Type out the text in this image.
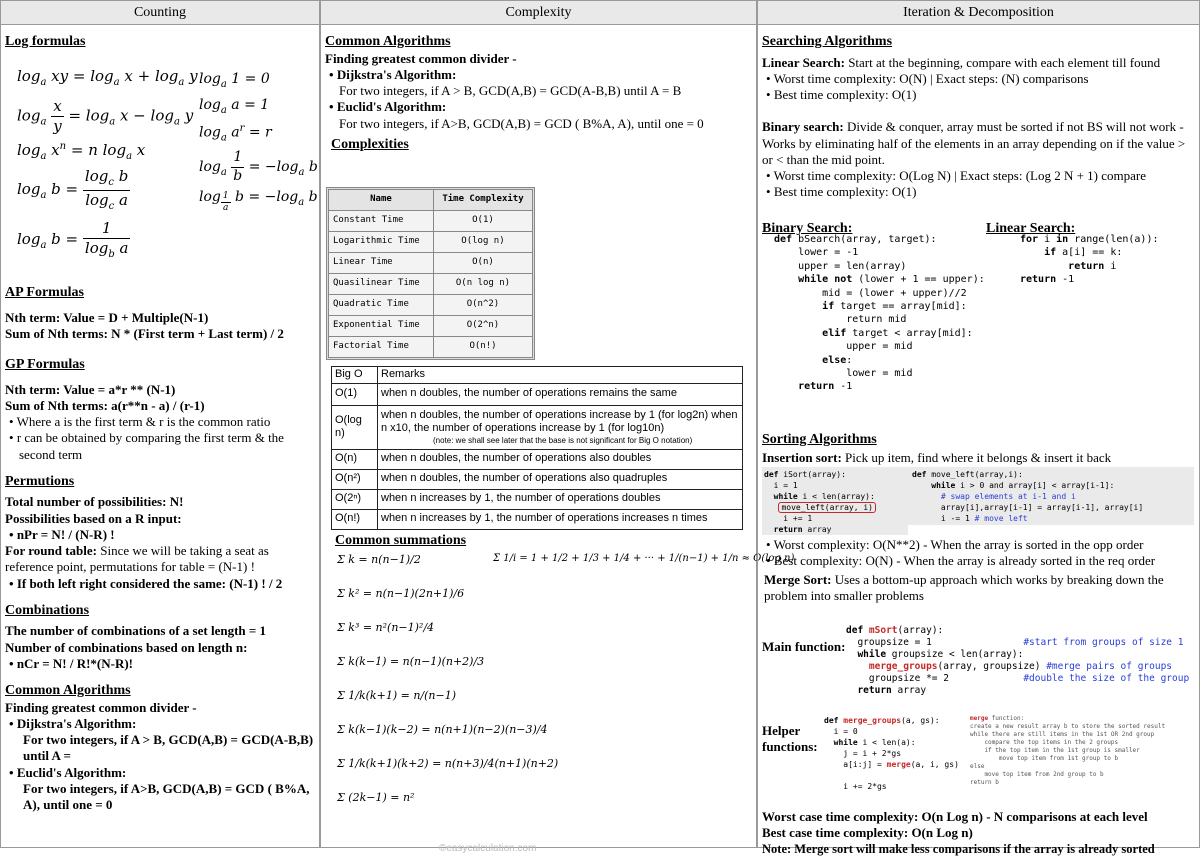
Counting
Log formulas
$\log_a$ xy = $\log_a x + \log_a y$
$\log_a \frac{x}{y} = \log_a x - \log_a y$
$\log_a x^n = n$ $\log_a x$
$\log_a b = \frac{\log_c b}{\log_c a}$
$\log_a b = \frac{1}{\log_b a}$
$\log_a 1 = 0$
$\log_a a = 1$
$\log_a a^r = r$
$\log_a \frac{1}{b} = -\log_a$ b
log $_{\frac{1}{a}}$ $b = -\log_a$ b
AP Formulas
Nth term: Value = D + Multiple(N-1)
Sum of Nth terms: N * (First term + Last term) / 2
GP Formulas
Nth term: Value = a*r ** (N-1)
Sum of Nth terms: a(r**n - a) / (r-1)
• Where a is the first term & r is the common ratio
• r can be obtained by comparing the first term & the second term
Permutions
Total number of possibilities: N!
Possibilities based on a R input:
• nPr = N! / (N-R) !
For round table: Since we will be taking a seat as reference point, permutations for table = (N-1) !
• If both left right considered the same: (N-1) ! / 2
Combinations
The number of combinations of a set length = 1
Number of combinations based on length n:
• nCr = N! / R!*(N-R)!
Common Algorithms
Finding greatest common divider -
• Dijkstra's Algorithm:
For two integers, if A > B, GCD(A,B) = GCD(A-B,B) until A =
• Euclid's Algorithm:
For two integers, if A>B, GCD(A,B) = GCD ( B%A, A), until one = 0
Complexity
Common Algorithms
Finding greatest common divider -
• Dijkstra's Algorithm:
For two integers, if A > B, GCD(A,B) = GCD(A-B,B) until A = B
• Euclid's Algorithm:
For two integers, if A>B, GCD(A,B) = GCD ( B%A, A), until one = 0
Complexities
Name	Time Complexity
Constant Time	O(1)
Logarithmic Time	O(log n)
Linear Time	O(n)
Quasilinear Time	O(n log n)
Quadratic Time	O(n^2)
Exponential Time	O(2^n)
Factorial Time	O(n!)
Big O	Remarks
O(1)	when n doubles, the number of operations remains the same
O(log n)	when n doubles, the number of operations increase by 1 (for log2n) when n x10, the number of operations increase by 1 (for log10n)
(note: we shall see later that the base is not significant for Big O notation)

O(n)	when n doubles, the number of operations also doubles
O(n²)	when n doubles, the number of operations also quadruples
O(2ⁿ)	when n increases by 1, the number of operations doubles
O(n!)	when n increases by 1, the number of operations increases n times
Common summations
Σ k = n(n−1)/2
Σ k² = n(n−1)(2n+1)/6
Σ k³ = n²(n−1)²/4
Σ k(k−1) = n(n−1)(n+2)/3
Σ 1/k(k+1) = n/(n−1)
Σ k(k−1)(k−2) = n(n+1)(n−2)(n−3)/4
Σ 1/k(k+1)(k+2) = n(n+3)/4(n+1)(n+2)
Σ (2k−1) = n²
Σ 1/i = 1 + 1/2 + 1/3 + 1/4 + ··· + 1/(n−1) + 1/n ≈ O(log n)
©easycalculation.com
Iteration & Decomposition
Searching Algorithms
Linear Search: Start at the beginning, compare with each element till found
• Worst time complexity: O(N) | Exact steps: (N) comparisons
• Best time complexity: O(1)
Binary search: Divide & conquer, array must be sorted if not BS will not work - Works by eliminating half of the elements in an array depending on if the value > or < than the mid point.
• Worst time complexity: O(Log N) | Exact steps: (Log 2 N + 1) compare
• Best time complexity: O(1)
Binary Search:	Linear Search:
def bSearch(array, target):
lower = -1
upper = len(array)
while not (lower + 1 == upper):
mid = (lower + upper)//2
if target == array[mid]:
return mid
elif target < array[mid]:
upper = mid
else:
lower = mid
return -1
for i in range(len(a)):
if a[i] == k:
return i
return -1
Sorting Algorithms
Insertion sort: Pick up item, find where it belongs & insert it back
def iSort(array):
i = 1
while i < len(array):
move_left(array, i)
i += 1
return array
def move_left(array,i):
while i > 0 and array[i] < array[i-1]:
# swap elements at i-1 and i
array[i],array[i-1] = array[i-1], array[i]
i -= 1 # move left
• Worst complexity: O(N**2) - When the array is sorted in the opp order
• Best complexity: O(N) - When the array is already sorted in the req order
Merge Sort: Uses a bottom-up approach which works by breaking down the problem into smaller problems
Main function:
def mSort(array):
groupsize = 1	#start from groups of size 1
while groupsize < len(array):
merge_groups(array, groupsize) #merge pairs of groups
groupsize *= 2	#double the size of the group
return array
Helper functions:
def merge_groups(a, gs):
i = 0
while i < len(a):
j = i + 2*gs
a[i:j] = merge(a, i, gs)

i += 2*gs
merge function:
create a new result array b to store the sorted result
while there are still items in the 1st OR 2nd group
compare the top items in the 2 groups
if the top item in the 1st group is smaller
move top item from 1st group to b
else
move top item from 2nd group to b
return b
Worst case time complexity: O(n Log n) - N comparisons at each level
Best case time complexity: O(n Log n)
Note: Merge sort will make less comparisons if the array is already sorted
